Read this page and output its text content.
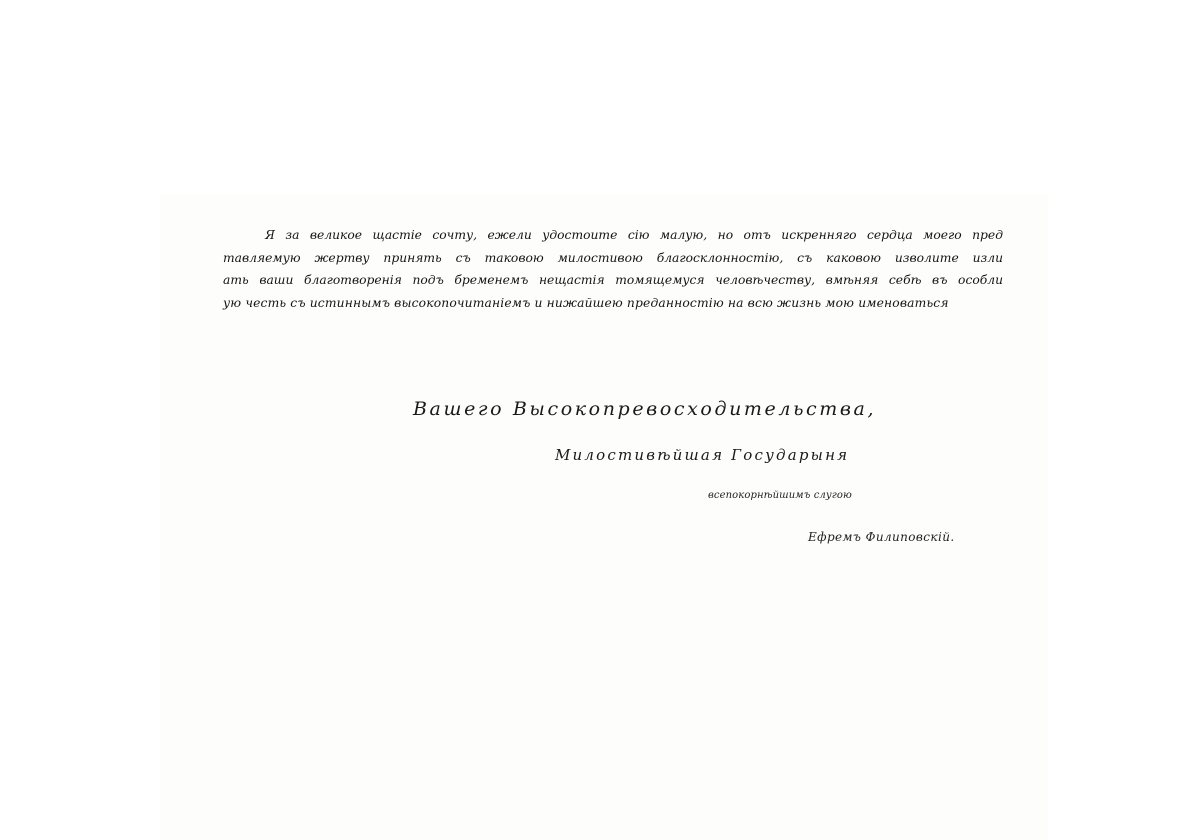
Я за великое щастіе сочту, ежели удостоите сію малую, но отъ искренняго сердца моего пред
тавляемую жертву принять съ таковою милостивою благосклонностію, съ каковою изволите изли
ать ваши благотворенія подъ бременемъ нещастія томящемуся человѣчеству, вмѣняя себѣ въ особли
ую честь съ истиннымъ высокопочитаніемъ и нижайшею преданностію на всю жизнь мою именоваться

Вашего Высокопревосходительства,

Милостивѣйшая Государыня

всепокорнѣйшимъ слугою

Ефремъ Филиповскій.
